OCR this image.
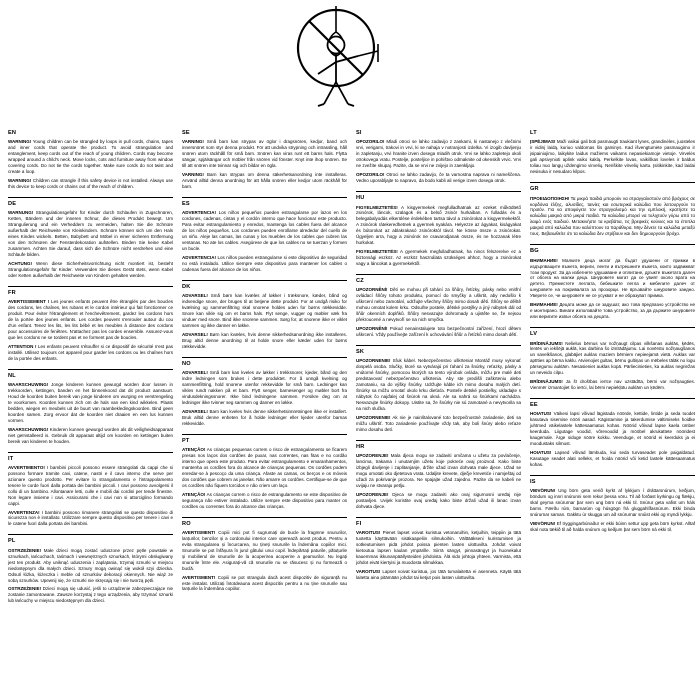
EN

WARNING! Young children can be strangled by loops in pull cords, chains, tapes and inner cords that operate the product. To avoid strangulation and entanglement, keep cords out of the reach of young children. Cords may become wrapped around a child's neck. Move locks, cots and furniture away from window covering cords. Do not tie the cords together. Make sure cords do not twist and create a loop.

WARNING! Children can strangle if this safety device is not installed. Always use this device to keep cords or chains out of the reach of children.

DE

WARNUNG! Strangulationsgefahr für Kinder durch Schlaufen in Zugschnüren, Ketten, Bändern und der inneren Schnur, die dieses Produkt bewegt. Um Strangulierung und ein Verheddern zu vermeiden, halten Sie die Schnüre außerhalb der Reichweite von Kleinkindern. Schnüre können sich um den Hals eines Kindes wickeln. Betten, Babybett und Möbel in einer sicheren Entfernung von den Schnüren der Fensterdekoration aufstellen. Binden Sie keine Kabel zusammen. Achten Sie darauf, dass sich die Schnüre nicht verdrehen und eine Schlaufe bilden.

ACHTUNG! Wenn diese Sicherheitsvorrichtung nicht montiert ist, besteht Strangulationsgefahr für Kinder. Verwenden Sie dieses Gerät stets, wenn Kabel oder Ketten außerhalb der Reichweite von Kindern gehalten werden.

FR

AVERTISSEMENT ! Les jeunes enfants peuvent être étranglés par des boucles des cordons, les chaînes, les rubans et le cordon intérieur qui fait fonctionner ce produit. Pour éviter l'étranglement et l'enchevêtrement, gardez les cordons hors de la portée des jeunes enfants. Les cordes peuvent s'enrouler autour du cou d'un enfant. Tenez les lits, les lits bébé et les meubles à distance des cordons pour accessoires de fenêtres. N'attachez pas les cordes ensemble. Assurez-vous que les cordons ne se tordent pas et ne forment pas de boucles.

ATTENTION ! Les enfants peuvent s'étouffer si ce dispositif de sécurité n'est pas installé. Utilisez toujours cet appareil pour garder les cordons ou les chaînes hors de la portée des enfants.

NL

WAARSCHUWING! Jonge kinderen kunnen gewurgd worden door lussen in trekkoorden, kettingen, banden en het binnenkoord dat dit product aanstuurt. Houd de koorden buiten bereik van jonge kinderen om wurging en verstrengeling te voorkomen. Koorden kunnen zich om de hals van een kind wikkelen. Plaats bedden, wiegen en meubels uit de buurt van raambekledingskoorden. Bind geen koorden samen. Zorg ervoor dat de koorden niet draaien en een lus kunnen vormen.

WAARSCHUWING! Kinderen kunnen gewurgd worden als dit veiligheidsapparaat niet geïnstalleerd is. Gebruik dit apparaat altijd om koorden en kettingen buiten bereik van kinderen te houden.

IT

AVVERTIMENTO! I bambini piccoli possono essere strangolati da cappi che si possono formare tramite cavi, catene, nastri e il cavo interno che serve per azionare questo prodotto. Per evitare lo strangolamento e l'intrappolamento tenere le corde fuori dalla portata dei bambini piccoli. I cavi possono avvolgersi il collo di un bambino. Allontanare letti, culle e mobili dai cordini per tende finestre. Non legare insieme i cavi. Assicurarsi che i cavi non si attorciglino formando cappi.

AVVERTENZA! I bambini possono rimanere strangolati se questo dispositivo di sicurezza non è installato. Utilizzare sempre questo dispositivo per tenere i cavi e le catene fuori dalla portata dei bambini.

PL

OSTRZEŻENIE! Małe dzieci mogą zostać uduszone przez pętle powstałe w sznurkach, łańcuchach, taśmach i wewnętrznych sznurkach, którymi obsługiwany jest ten produkt. Aby uniknąć uduszenia i zaplątania, trzymaj sznurki w miejscu niedostępnym dla małych dzieci. Sznury mogą owinąć się wokół szyi dziecka. Odsuń łóżka, łóżeczka i meble od sznurków dekoracji okiennych. Nie wiąż ze sobą sznurków. Upewnij się, że sznurki nie skręcają się i nie tworzą pętli.

OSTRZEŻENIE! Dzieci mogą się udusić, jeśli to urządzenie zabezpieczające nie zostanie zamontowane. Zawsze korzystaj z tego urządzenia, aby trzymać sznurki lub łańcuchy w miejscu niedostępnym dla dzieci.

SE

VARNING! Små barn kan strypas av öglor i dragsnören, kedjor, band och innersnöret som styr denna produkt. För att undvika strypning och intrassling, håll snören utom räckhåll för små barn. Snören kan viras runt ett barns hals. Flytta sängar, spjälsängar och möbler från snören vid fönster. Knyt inte ihop snören. Se till att snören inte tvinnar sig och bildar en ögla.

VARNING! Barn kan strypas om denna säkerhetsanordning inte installeras. Använd alltid denna anordning för att hålla snören eller kedjor utom räckhåll för barn.

ES

ADVERTENCIA! Los niños pequeños pueden estrangularse por lazos en los cordones, cadenas, cintas y el cordón interno que hace funcionar este producto. Para evitar estrangulamiento y enredos, mantenga los cables fuera del alcance de los niños pequeños. Los cordones pueden enrollarse alrededor del cuello de un niño. Aleje las camas, las cunas y los muebles de los cables que cubren las ventanas. No ate los cables. Asegúrese de que los cables no se tuerzan y formen un bucle.

ADVERTENCIA! Los niños pueden estrangularse si este dispositivo de seguridad no está instalado. Utilice siempre este dispositivo para mantener los cables o cadenas fuera del alcance de los niños.

DK

ADVARSEL! Små børn kan kvæles af løkker i træksnore, kæder, bånd og indvendige snore, der bruges til at betjene dette produkt. For at undgå risiko for kvælning og sammenfiltring skal snorene holdes uden for børns rækkevidde. Snore kan vikle sig om et barns hals. Flyt senge, vugger og møbler væk fra vinduer med snore. Bind ikke snorene sammen. Sørg for, at snorene ikke er viklet sammen og ikke danner en løkke.

ADVARSEL! Børn kan kvæles, hvis denne sikkerhedsanordning ikke installeres. Brug altid denne anordning til at holde snore eller kæder uden for børns rækkevidde.

NO

ADVARSEL! Små barn kan kveles av løkker i trekksnorer, kjeder, bånd og den indre ledningen som brukes i dette produktet. For å unngå kvelning og sammenfiltring, hold snorene utenfor rekkevidde for små barn. Ledninger kan vikles rundt nakken på et barn. Flytt senger, barnesenger og møbler bort fra vindusdekningssnorer. Ikke bind ledningene sammen. Forsikre deg om at ledninger ikke tvinner seg sammen og danner en løkke.

ADVARSEL! Barn kan kveles hvis denne sikkerhetsinnretningen ikke er installert. Bruk alltid denne enheten for å holde ledninger eller kjeder utenfor barnas rekkevidde.

PT

ATENÇÃO! As crianças pequenas correm o risco de estrangulamento se ficarem presas nos laços dos cordões de puxar, nas correntes, nas fitas e no cordão interno que opera este produto. Para evitar estrangulamento e emaranhamentos, mantenha os cordões fora do alcance de crianças pequenas. Os cordões podem enredar-se à pescoço da uma criança. Afaste as camas, os berços e os móveis dos cordões que cobrem as janelas. Não amarre os cordões. Certifique-se de que os cordões não fiquem torcidos e não criem um laço.

ATENÇÃO! As crianças correm o risco de estrangulamento se este dispositivo de segurança não estiver instalado. Utilize sempre este dispositivo para manter os cordões ou correntes fora do alcance das crianças.

RO

AVERTISMENT! Copiii mici pot fi sugrumați de bucle la fragmne snururilor, lanțurilor, benzilor și a cordonului interior care operează acest produs. Pentru a evita strangularea și încurcarea, nu țineți snururile la îndemâna copiilor mici. Snururile se pot înfășura în jurul gâtului unui copil. Îndepărtați paturile, pătuțurile și mobilierul de snururile de la acoperirea acoperire a geamurilor. Nu legați snururile între ele. Asigurați-vă că snururile nu se răsucesc și nu formează o buclă.

AVERTISMENT! Copiii se pot strangula dacă acest dispozitiv de siguranță nu este instalat. Utilizați întotdeauna acest dispozitiv pentru a nu ține snururile sau lanțurile la îndemâna copiilor.

SI

OPOZORILO! Mladi otroci se lahko zadavijo z zankami, ki nastanejo z vlečnimi vrvi, verigami, trakovi in vrvi, ki se nahaja v notranjosti izdelka. Vi izogib davljenju in zapletanju, vrvi hranite izven dosega mladih otrok. Vrvi se lahko zapletejo okoli otrokovega vratu. Postelje, posteljice in pohištvo odmaknite od okenskih vrvic. Vrvi ne zvežite skupaj. Pazite, da se vrvi ne zvijejo in zaenkljajo.

OPOZORILO! Otroci se lahko zadavijo, če ta varnostna naprava ni nameščena. Vedno uporabljajte to napravo, da bodo kabli ali verige izven dosega otrok.

HU

FIGYELMEZTETÉS! A kisgyermekek megfulladhatnak az ezeket működtető zsinórok, láncok, szalagok és a belső zsinór hurkaiban. A fulladás és a belegabalyodás elkerülése érdekében tartsa távol a zsinórokat a kisgyermekektől. A zsinórok rátekeredhetnek a gyermek nyakára. Helyezze az ágyakat, kiságyakat és bútorokat az ablakrakasó zsinóroktól távol. Ne kösse össze a zsinórokat. Ügyeljen arra, hogy a zsinórok ne csavarodjanak össze, és ne hozzanak létre hurkokat.

FIGYELMEZTETÉS! A gyermekek megfulladhatnak, ha nincs felszerelve ez a biztonsági eszköz. Az eszköz használata szükséges ahhoz, hogy a zsinórokat vagy a láncokat a gyermekektől.

CZ

UPOZORNĚNÍ! Děti se mohou při tahání za šňůry, řetízky, pásky nebo vnitřní ovládací šňůry tohoto produktu, pomocí do smyčky a uškrtit, aby nedošlo k uškrcení nebo zamotání, udržujte všechny šňůry mimo dosah dětí. Šňůry se děště mohou omotat kolem krku. Odsuňte postele, dětské postýlky a jiný nábytek dál od šňůr okenních doplňků. Šňůry nesvazujte dohromady a ujistěte se, že nejsou překroucené a nevytvoří se na nich smyčka.

UPOZORNĚNÍ! Pokud nenainstalujete toto bezpečnostní zařízení, hrozí dětem uškrcení. Vždy používejte zařízení k uchovávání šňůr a řetízků mimo dosah dětí.

SK

UPOZORNENIE! Sľuk kábel. Nebezpečenstvo uškrtenia! Montáž musy vykonať dospelá osoba. Slučky, ktoré sa vytvárajú pri ťahaní za šnúrky, reťazky, pásky a vnútorné šnúrky, pomocou ktorých sa tento výrobok ovláda, môžu pre malé deti predstavovať nebezpečenstvo uškrtenia. Aby ste predišli zaškrteniu alebo zamotaniu, sa do výšky šnúrky. Udržujte káble ich mimo dosahu malých detí. Šnúrky sa môžu omotať okolo krku dieťaťa. Posteľe detské postieľky, ukladajte s nábytok čo najďalej od šnúrok na okná. Ale sa nahrá so šnúrkami nachádza. Nesvazujte šnúrky dokopy. Uistite sa, že šnúrky nie sú zamotané a nevytvorila sa na nich slučka.

UPOZORNENIE! Ak nie je nainštalované toto bezpečnostné zariadenie, deti sa môžu uškrtiť. Toto zariadenie používajte vždy tak, aby boli šnúry alebo reťaze mimo dosahu detí.

HR

UPOZORENJE! Mala djeca mogu se zadaviti omčama u užetu za povlačenje, lancima, trakama i unutarnjim užetu koje pokreće ovaj proizvod. Kako biste izbjegli davljenje i zaplitanjanje, držite užad izvan dohvata male djece. Užad se mogu omotati oko djetetova vrata. Udaljite krevete, dječje krevetiće i namještaj od užadi za pokrivanje prozora. Ne spajajte užad zajedno. Pazite da se kabeli ne uvijaju ne stvaraju petlju.

UPOZORENJE! Djeca se mogu zadaviti ako ovaj sigurnosni uređaj nije postavljen. Uvijek koristite ovaj uređaj kako biste držali užad ili lanac izvan dohvata djece.

FI

VAROITUS! Pienet lapset voivat kuristua vetonaruihin, ketjuihin, teippiin ja tätä tuotetta käyttävään sisäkaapeliin silmukoihin. Välttääkseni kuristumisen ja sotkeutumisen pidä johdot poissa pienten lasten ulottuvilta. Johdot voivat kietoutua lapsen kaulan ympärille. Siirrä sängyt, pinnasängyt ja huonekalut kauemmas ikkunanpäällysteiden johdoista. Älä sido johtoja yhteen. Varmista, että johdot eivät kiertyisi ja muodosta silmukkaa.

VAROITUS! Lapset voivat kuristua, jos tätä turvalaitetta ei asenneta. Käytä tätä laitetta aina pitämään johdot tai ketjut pois lasten ulottuvilta.

LT

ĮSPĖJIMAS! Maži vaikai gali būti pasmaugti traukiant lynes, grandinėles, juosteles ir vidinį laidą, kuriuo valdomas šis gaminys. Kad išvengtumėte pasmaugimo ir įsipainiojimo, laikykite laidus mažiems vaikams nepasiekiamoje vietoje. Virvelės gali apsivynioti aplink vaiko kaklą. Perkelkite lovas, vaikiškas loveles ir baldus toliau nuo langų uždengimo virvelių. Neriškite virvelių kartu. Įsitikinkite, kad laidai nesisuka ir nesudaro kilpos.

GR

ΠΡΟΕΙΔΟΠΟΙΗΣΗ! Τα μικρά παιδιά μπορούν να στραγγαλιστούν από βρόχους σε κορδόνια έλξης, αλυσίδες, ταινίες και εσωτερικά καλώδια που λειτουργούν το προϊόν. Για να αποφύγετε τον στραγγαλισμό και την εμπλοκή, κρατήστε τα καλώδια μακριά από μικρά παιδιά. Τα καλώδια μπορεί να τυλιχτούν γύρω από το λαιμό ενός παιδιού. Μετακινήστε τα κρεβάτια, τις βρεφικές κούνιες και τα έπιπλα μακριά από καλώδια που καλύπτουν τα παράθυρα. Μην δένετε τα καλώδια μεταξύ τους. Βεβαιωθείτε ότι τα καλώδια δεν στρίβουν και δεν δημιουργούν βρόχο.

BG

ВНИМАНИЕ! Малките деца могат да бъдат удушени от примки в издърпващите въжета, вериги, ленти и вътрешните въжета, които задвижват този продукт. За да избегнете удушаване и оплитане, дръжте въжетата далеч от обсега на малки деца. Шнуровете могат да се увият около врата на детето. Преместете леглата, бебешките легла и мебелите далеч от шнуровете на покривалата за прозорци. Не връзвайте шнуровете заедно. Уверете се, че шнуровете не се усукват и не образуват примка.

ВНИМАНИЕ! Децата може да се задушат, ако това предпазно устройство не е монтирано. Винаги използвайте това устройство, за да държите шнуровете или веригите извън обсега на децата.

LV

BRĪDINĀJUMS! Nelielus bērnus var nožņaugt cilpas vilkšanas auklās, ķēdēs, lentēs un iekšējā auklā, kas darbina šo izstrādājumu. Lai novērstu nožņaugšanos un savelkšanos, glabājiet auklas maziem bērniem nepieejamā vietā. Auklas var aptīties ap bērna kaklu. Atvienojiet gultas, bērnu gultiņas un mēbeles tālāk no logu pārsegumu auklām. Nesasieniet auklas kopā. Pārliecinieties, ka auklas negriežas un neveido cilpu.

BRĪDINĀJUMS! Ja šī drošības ierīce nav uzstādīta, bērni var nožņaugties. Vienmēr izmantojiet šo ierīci, lai bērni nepiekļūtu auklām un ķēdēm.

EE

HOIATUS! Väikesi lapsi võivad lägistada nöörde, kettide, lintide ja seda toodet kasutava sisemise nööri aasad. Kägistamise ja takerdumise vältimiseks hoidke juhtmed väikelastele kättesaamatus kohas. Nöörid võivad lapse kaela ümber keerduda. Liigutage voodid, võrevoodid ja mööbel akrukattete nööridest kaugemale. Ärge siduge nööre kokku. Veenduge, et nöörid ei keerduks ja ei moodustaks silmust.

HOIATUS! Lapsed võivad lämbuda, kui seda turvaseadet pole paigaldatud. Kasutage seadet alati selleks, et hoida nöörid või ketid lastele kättesaamatus kohas.

IS

VIÐVÖRUN! Ung börn geta verið kyrkt af lykkjum í dráttarsnúrum, keðjum, böndum og innri snúrunni sem rekur þessa vöru. Til að forðast kyrkingu og flækju, skal geyma snúrurnar þar sem ung börn ná ekki til. Snúrur geta vafist um háls barns. Færðu rúm, barnarúm og húsgögn frá gluggahlífasnúrum. Ekki binda snúrurnar saman. Gakktu úr skugga um að snúrurnar snúist ekki og myndi lykkju.

VIÐVÖRUN! Ef tryggingarbúnaður er ekki búinn settur upp geta börn kyrkst. Alltaf skal nota tækið til að halda snúrum og keðjum þar sem börn ná ekki til.
